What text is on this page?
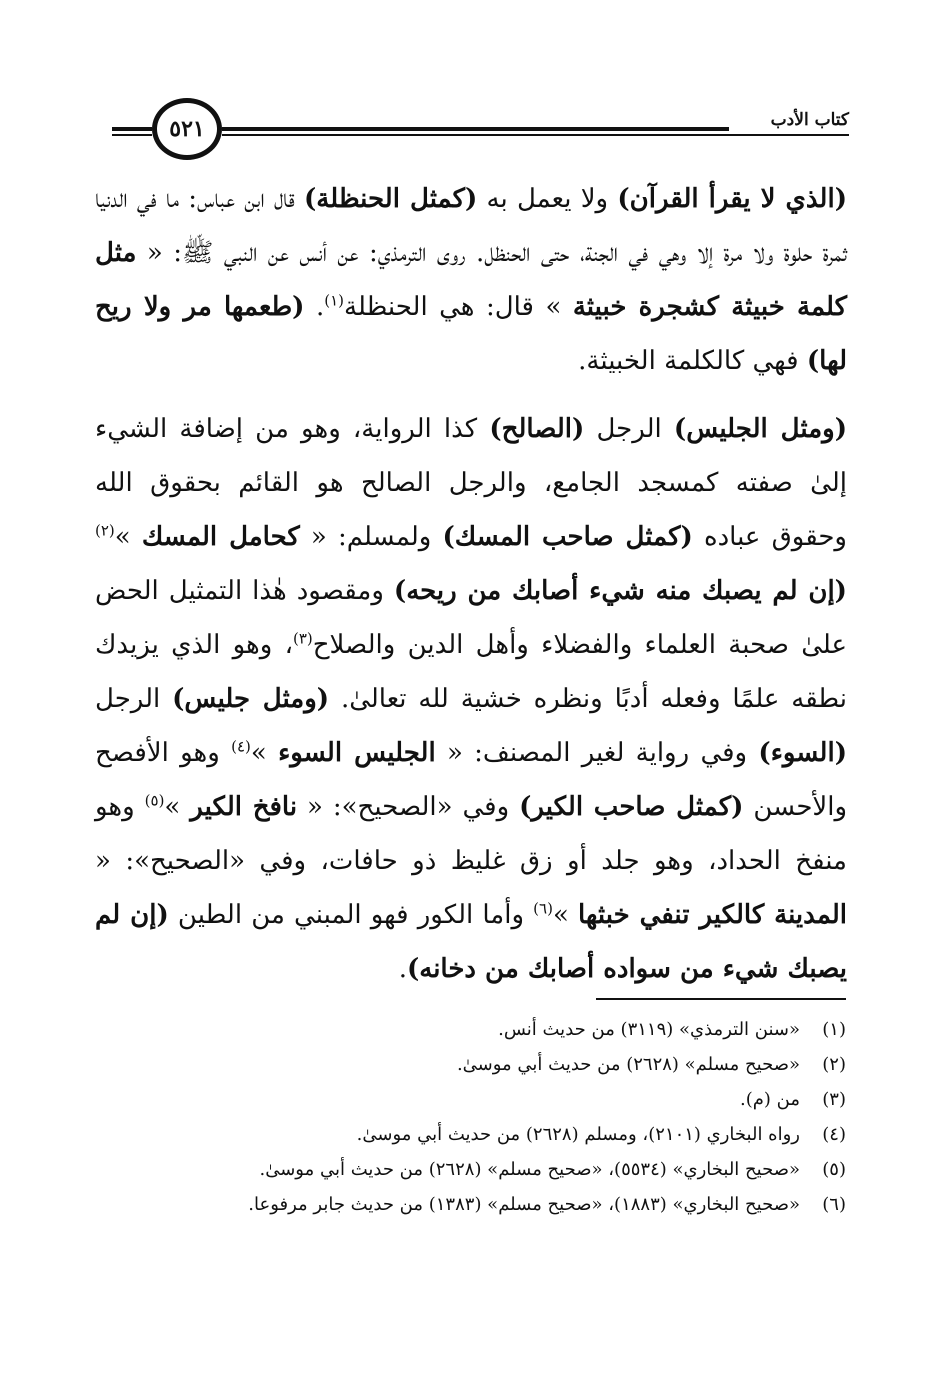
كتاب الأدب
٥٢١

(الذي لا يقرأ القرآن) ولا يعمل به (كمثل الحنظلة) قال ابن عباس: ما في الدنيا ثمرة حلوة ولا مرة إلا وهي في الجنة، حتى الحنظل. روى الترمذي: عن أنس عن النبي ﷺ: « مثل كلمة خبيثة كشجرة خبيثة » قال: هي الحنظلة$^{(١)}$. (طعمها مر ولا ريح لها) فهي كالكلمة الخبيثة.

(ومثل الجليس) الرجل (الصالح) كذا الرواية، وهو من إضافة الشيء إلىٰ صفته كمسجد الجامع، والرجل الصالح هو القائم بحقوق الله وحقوق عباده (كمثل صاحب المسك) ولمسلم: « كحامل المسك »$^{(٢)}$ (إن لم يصبك منه شيء أصابك من ريحه) ومقصود هٰذا التمثيل الحض علىٰ صحبة العلماء والفضلاء وأهل الدين والصلاح$^{(٣)}$، وهو الذي يزيدك نطقه علمًا وفعله أدبًا ونظره خشية لله تعالىٰ. (ومثل جليس) الرجل (السوء) وفي رواية لغير المصنف: « الجليس السوء »$^{(٤)}$ وهو الأفصح والأحسن (كمثل صاحب الكير) وفي «الصحيح»: « نافخ الكير »$^{(٥)}$ وهو منفخ الحداد، وهو جلد أو زق غليظ ذو حافات، وفي «الصحيح»: « المدينة كالكير تنفي خبثها »$^{(٦)}$ وأما الكور فهو المبني من الطين (إن لم يصبك شيء من سواده أصابك من دخانه).

(١)«سنن الترمذي» (٣١١٩) من حديث أنس.
(٢)«صحيح مسلم» (٢٦٢٨) من حديث أبي موسىٰ.
(٣)من (م).
(٤)رواه البخاري (٢١٠١)، ومسلم (٢٦٢٨) من حديث أبي موسىٰ.
(٥)«صحيح البخاري» (٥٥٣٤)، «صحيح مسلم» (٢٦٢٨) من حديث أبي موسىٰ.
(٦)«صحيح البخاري» (١٨٨٣)، «صحيح مسلم» (١٣٨٣) من حديث جابر مرفوعا.
